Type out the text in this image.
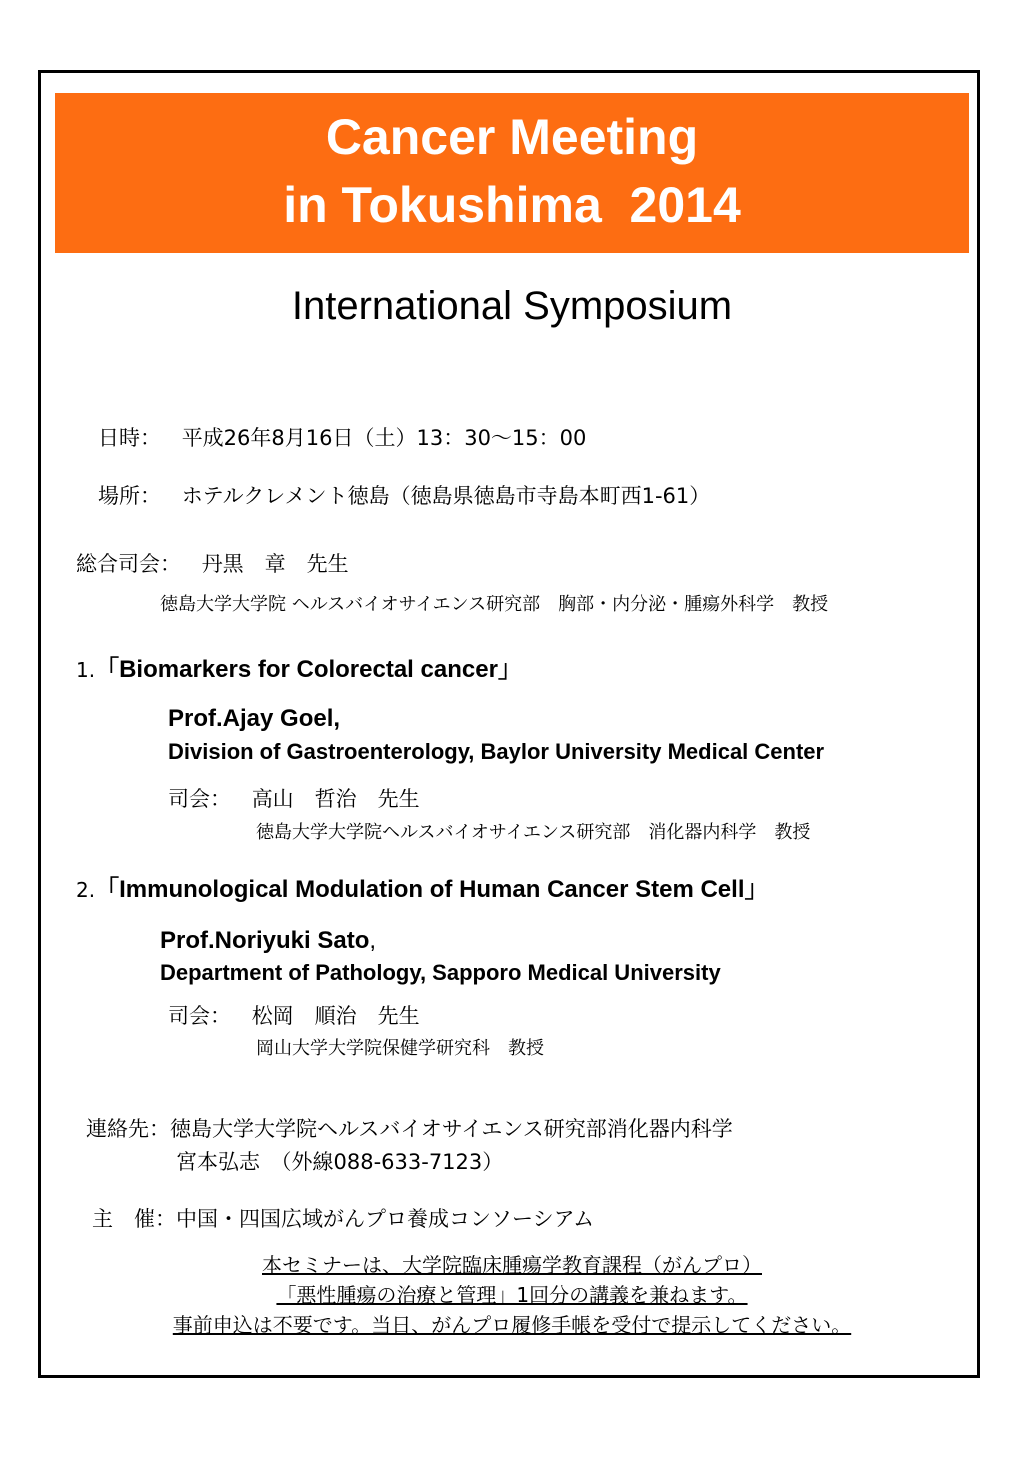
Cancer Meeting
in Tokushima  2014
International Symposium
日時： 平成26年8月16日（土）13：30～15：00
場所： ホテルクレメント徳島（徳島県徳島市寺島本町西1-61）
総合司会： 丹黒　章　先生
徳島大学大学院 ヘルスバイオサイエンス研究部　胸部・内分泌・腫瘍外科学　教授
1.「Biomarkers for Colorectal cancer」
Prof.Ajay Goel,
Division of Gastroenterology, Baylor University Medical Center
司会： 高山　哲治　先生
徳島大学大学院ヘルスバイオサイエンス研究部　消化器内科学　教授
2.「Immunological Modulation of Human Cancer Stem Cell」
Prof.Noriyuki Sato,
Department of Pathology, Sapporo Medical University
司会： 松岡　順治　先生
岡山大学大学院保健学研究科　教授
連絡先：徳島大学大学院ヘルスバイオサイエンス研究部消化器内科学
宮本弘志　（外線088-633-7123）
主　催：中国・四国広域がんプロ養成コンソーシアム
本セミナーは、大学院臨床腫瘍学教育課程（がんプロ）
「悪性腫瘍の治療と管理」1回分の講義を兼ねます。
事前申込は不要です。当日、がんプロ履修手帳を受付で提示してください。
